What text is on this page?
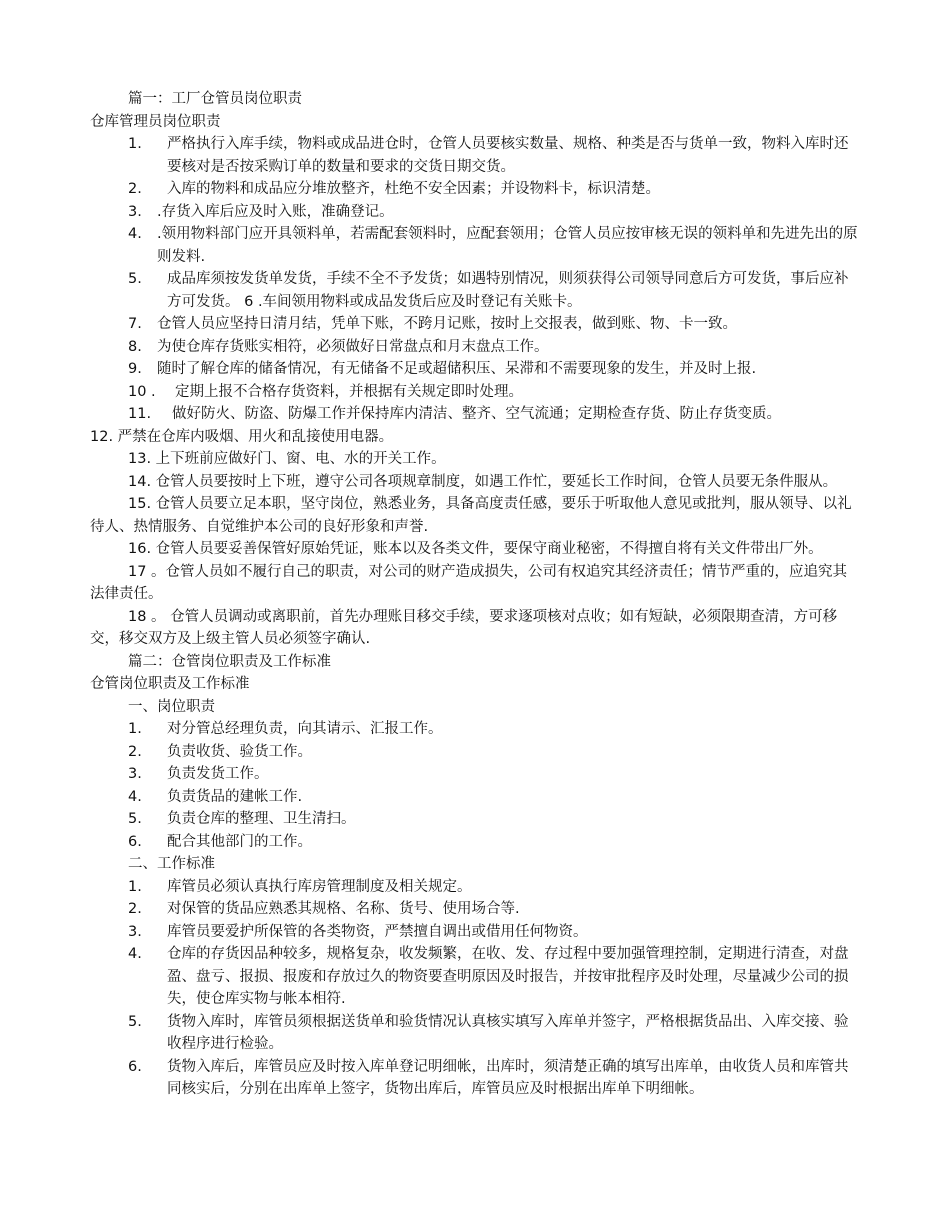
篇一：工厂仓管员岗位职责

仓库管理员岗位职责

1. 严格执行入库手续，物料或成品进仓时，仓管人员要核实数量、规格、种类是否与货单一致，物料入库时还要核对是否按采购订单的数量和要求的交货日期交货。
2. 入库的物料和成品应分堆放整齐，杜绝不安全因素；并设物料卡，标识清楚。
3. .存货入库后应及时入账，准确登记。
4. .领用物料部门应开具领料单，若需配套领料时，应配套领用；仓管人员应按审核无误的领料单和先进先出的原则发料.
5. 成品库须按发货单发货，手续不全不予发货；如遇特别情况，则须获得公司领导同意后方可发货，事后应补方可发货。 6 .车间领用物料或成品发货后应及时登记有关账卡。
7. 仓管人员应坚持日清月结，凭单下账，不跨月记账，按时上交报表，做到账、物、卡一致。
8. 为使仓库存货账实相符，必须做好日常盘点和月末盘点工作。
9. 随时了解仓库的储备情况，有无储备不足或超储积压、呆滞和不需要现象的发生，并及时上报.
10 . 定期上报不合格存货资料，并根据有关规定即时处理。
11. 做好防火、防盗、防爆工作并保持库内清洁、整齐、空气流通；定期检查存货、防止存货变质。

12. 严禁在仓库内吸烟、用火和乱接使用电器。

13. 上下班前应做好门、窗、电、水的开关工作。

14. 仓管人员要按时上下班，遵守公司各项规章制度，如遇工作忙，要延长工作时间，仓管人员要无条件服从。

15. 仓管人员要立足本职，坚守岗位，熟悉业务，具备高度责任感，要乐于听取他人意见或批判，服从领导、以礼待人、热情服务、自觉维护本公司的良好形象和声誉.

16. 仓管人员要妥善保管好原始凭证，账本以及各类文件，要保守商业秘密，不得擅自将有关文件带出厂外。

17 。仓管人员如不履行自己的职责，对公司的财产造成损失，公司有权追究其经济责任；情节严重的，应追究其法律责任。

18 。 仓管人员调动或离职前，首先办理账目移交手续，要求逐项核对点收；如有短缺，必须限期查清，方可移交，移交双方及上级主管人员必须签字确认.

篇二：仓管岗位职责及工作标准

仓管岗位职责及工作标准

一、岗位职责

1. 对分管总经理负责，向其请示、汇报工作。
2. 负责收货、验货工作。
3. 负责发货工作。
4. 负责货品的建帐工作.
5. 负责仓库的整理、卫生清扫。
6. 配合其他部门的工作。

二、工作标准

1. 库管员必须认真执行库房管理制度及相关规定。
2. 对保管的货品应熟悉其规格、名称、货号、使用场合等.
3. 库管员要爱护所保管的各类物资，严禁擅自调出或借用任何物资。
4. 仓库的存货因品种较多，规格复杂，收发频繁，在收、发、存过程中要加强管理控制，定期进行清查，对盘盈、盘亏、报损、报废和存放过久的物资要查明原因及时报告，并按审批程序及时处理，尽量减少公司的损失，使仓库实物与帐本相符.
5. 货物入库时，库管员须根据送货单和验货情况认真核实填写入库单并签字，严格根据货品出、入库交接、验收程序进行检验。
6. 货物入库后，库管员应及时按入库单登记明细帐，出库时，须清楚正确的填写出库单，由收货人员和库管共同核实后，分别在出库单上签字，货物出库后，库管员应及时根据出库单下明细帐。
